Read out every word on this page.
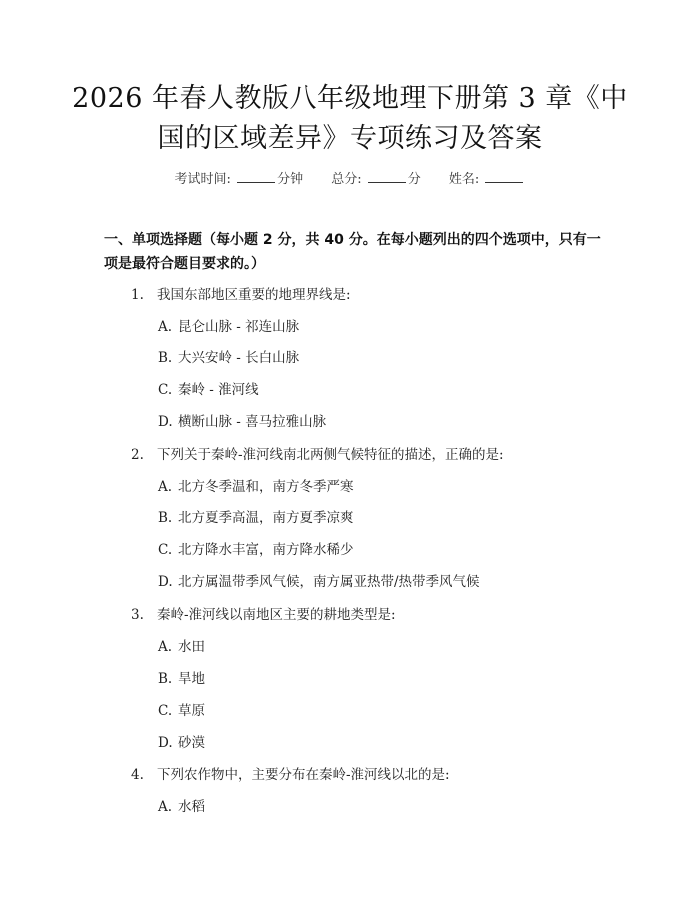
2026 年春人教版八年级地理下册第 3 章《中
国的区域差异》专项练习及答案
考试时间:	分钟 总分:	分 姓名:
一、单项选择题（每小题 2 分，共 40 分。在每小题列出的四个选项中，只有一项是最符合题目要求的。）
1. 我国东部地区重要的地理界线是:
A. 昆仑山脉 - 祁连山脉
B. 大兴安岭 - 长白山脉
C. 秦岭 - 淮河线
D. 横断山脉 - 喜马拉雅山脉
2. 下列关于秦岭-淮河线南北两侧气候特征的描述，正确的是:
A. 北方冬季温和，南方冬季严寒
B. 北方夏季高温，南方夏季凉爽
C. 北方降水丰富，南方降水稀少
D. 北方属温带季风气候，南方属亚热带/热带季风气候
3. 秦岭-淮河线以南地区主要的耕地类型是:
A. 水田
B. 旱地
C. 草原
D. 砂漠
4. 下列农作物中，主要分布在秦岭-淮河线以北的是:
A. 水稻
